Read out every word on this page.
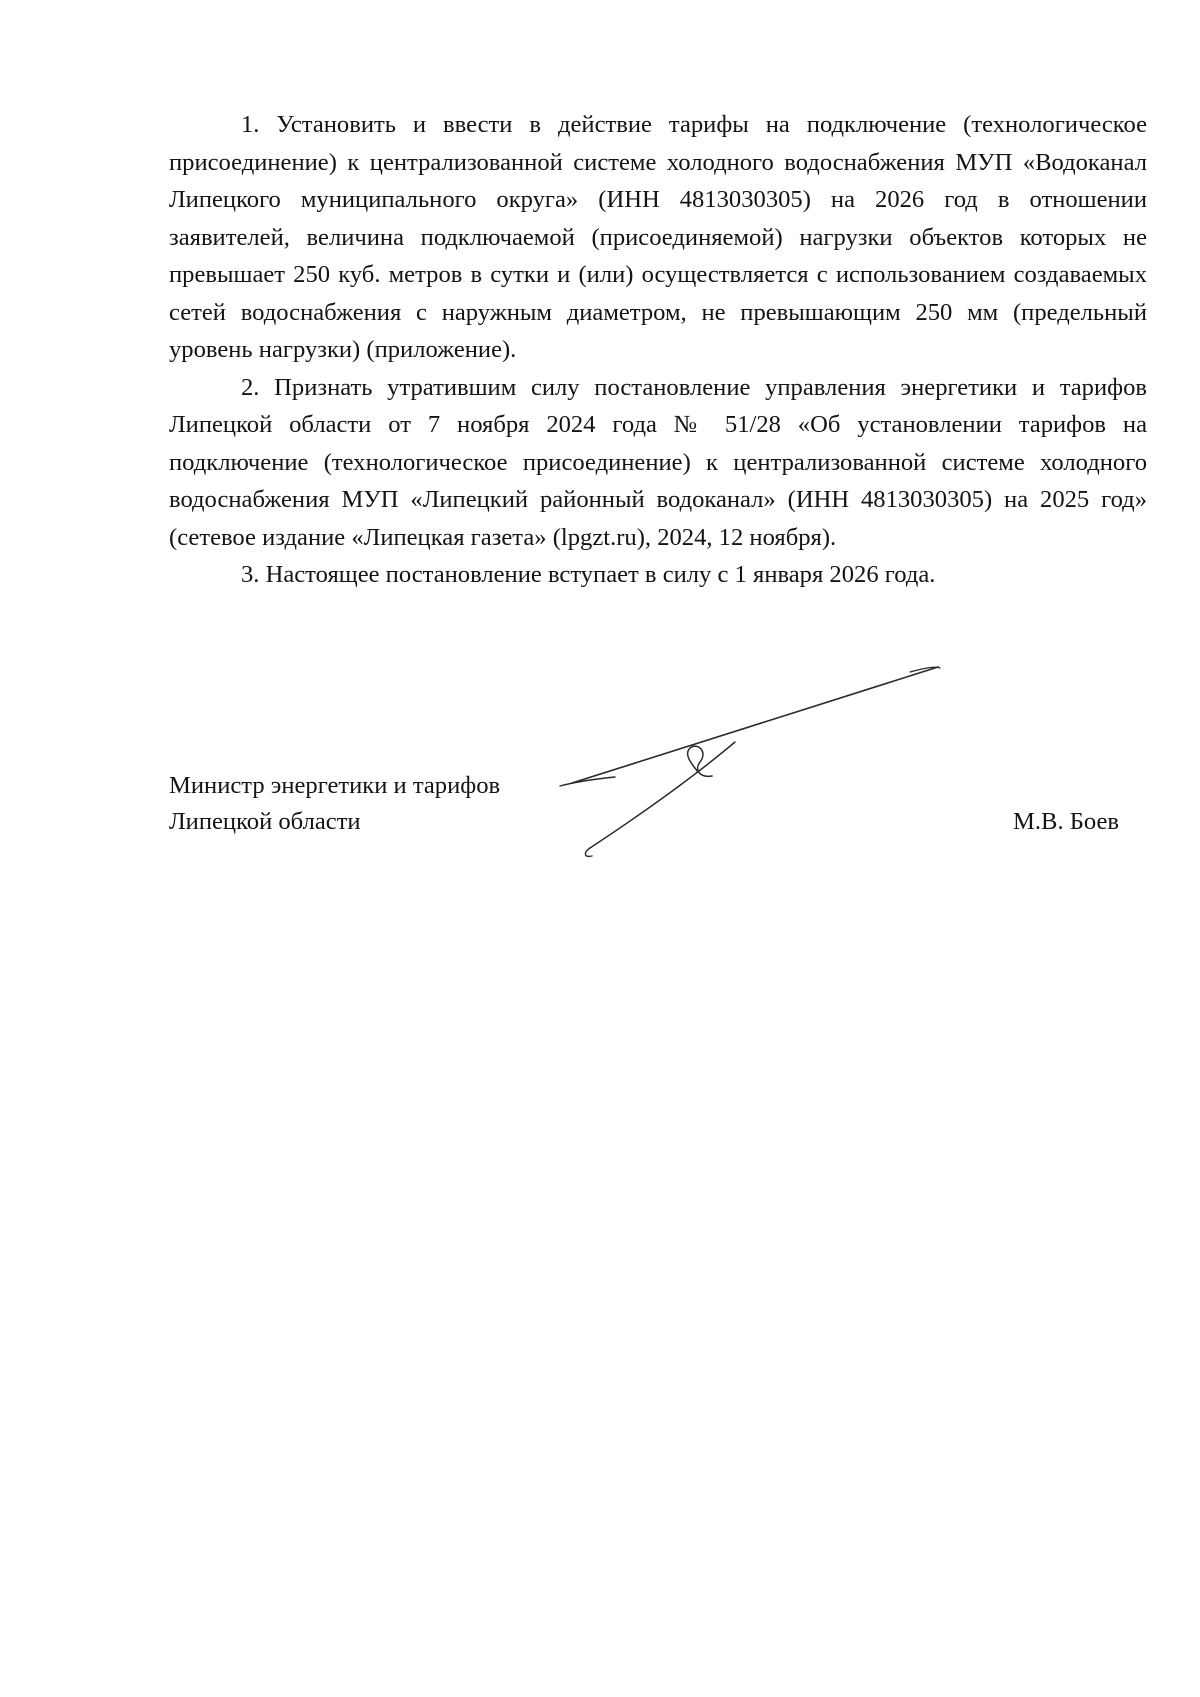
1. Установить и ввести в действие тарифы на подключение (технологическое присоединение) к централизованной системе холодного водоснабжения МУП «Водоканал Липецкого муниципального округа» (ИНН 4813030305) на 2026 год в отношении заявителей, величина подключаемой (присоединяемой) нагрузки объектов которых не превышает 250 куб. метров в сутки и (или) осуществляется с использованием создаваемых сетей водоснабжения с наружным диаметром, не превышающим 250 мм (предельный уровень нагрузки) (приложение).

2. Признать утратившим силу постановление управления энергетики и тарифов Липецкой области от 7 ноября 2024 года № 51/28 «Об установлении тарифов на подключение (технологическое присоединение) к централизованной системе холодного водоснабжения МУП «Липецкий районный водоканал» (ИНН 4813030305) на 2025 год» (сетевое издание «Липецкая газета» (lpgzt.ru), 2024, 12 ноября).

3. Настоящее постановление вступает в силу с 1 января 2026 года.

Министр энергетики и тарифов
Липецкой области	М.В. Боев
